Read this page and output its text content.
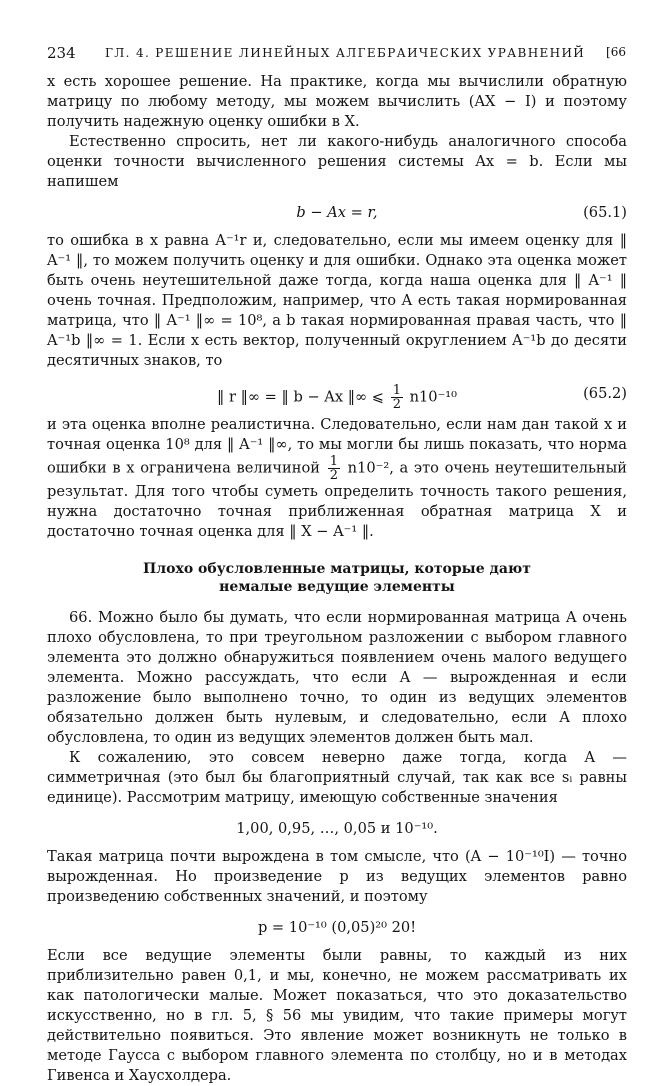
234 ГЛ. 4. РЕШЕНИЕ ЛИНЕЙНЫХ АЛГЕБРАИЧЕСКИХ УРАВНЕНИЙ [66

x есть хорошее решение. На практике, когда мы вычислили обратную матрицу по любому методу, мы можем вычислить (AX − I) и поэтому получить надежную оценку ошибки в X.

Естественно спросить, нет ли какого-нибудь аналогичного способа оценки точности вычисленного решения системы Ax = b. Если мы напишем

b − Ax = r,	(65.1)

то ошибка в x равна A⁻¹r и, следовательно, если мы имеем оценку для ‖ A⁻¹ ‖, то можем получить оценку и для ошибки. Однако эта оценка может быть очень неутешительной даже тогда, когда наша оценка для ‖ A⁻¹ ‖ очень точная. Предположим, например, что A есть такая нормированная матрица, что ‖ A⁻¹ ‖∞ = 10⁸, а b такая нормированная правая часть, что ‖ A⁻¹b ‖∞ = 1. Если x есть вектор, полученный округлением A⁻¹b до десяти десятичных знаков, то

‖ r ‖∞ = ‖ b − Ax ‖∞ ⩽ $\frac{1}{2} n10^{-10}$	(65.2)

и эта оценка вполне реалистична. Следовательно, если нам дан такой x и точная оценка 10⁸ для ‖ A⁻¹ ‖∞, то мы могли бы лишь показать, что норма ошибки в x ограничена величиной $\frac{1}{2} n10^{-2}$, а это очень неутешительный результат. Для того чтобы суметь определить точность такого решения, нужна достаточно точная приближенная обратная матрица X и достаточно точная оценка для ‖ X − A⁻¹ ‖.

Плохо обусловленные матрицы, которые дают
немалые ведущие элементы

66. Можно было бы думать, что если нормированная матрица A очень плохо обусловлена, то при треугольном разложении с выбором главного элемента это должно обнаружиться появлением очень малого ведущего элемента. Можно рассуждать, что если A — вырожденная и если разложение было выполнено точно, то один из ведущих элементов обязательно должен быть нулевым, и следовательно, если A плохо обусловлена, то один из ведущих элементов должен быть мал.

К сожалению, это совсем неверно даже тогда, когда A — симметричная (это был бы благоприятный случай, так как все sᵢ равны единице). Рассмотрим матрицу, имеющую собственные значения

1,00, 0,95, …, 0,05 и 10⁻¹⁰.

Такая матрица почти вырождена в том смысле, что (A − 10⁻¹⁰I) — точно вырожденная. Но произведение p из ведущих элементов равно произведению собственных значений, и поэтому

p = 10⁻¹⁰ (0,05)²⁰ 20!

Если все ведущие элементы были равны, то каждый из них приблизительно равен 0,1, и мы, конечно, не можем рассматривать их как патологически малые. Может показаться, что это доказательство искусственно, но в гл. 5, § 56 мы увидим, что такие примеры могут действительно появиться. Это явление может возникнуть не только в методе Гаусса с выбором главного элемента по столбцу, но и в методах Гивенса и Хаусхолдера.
